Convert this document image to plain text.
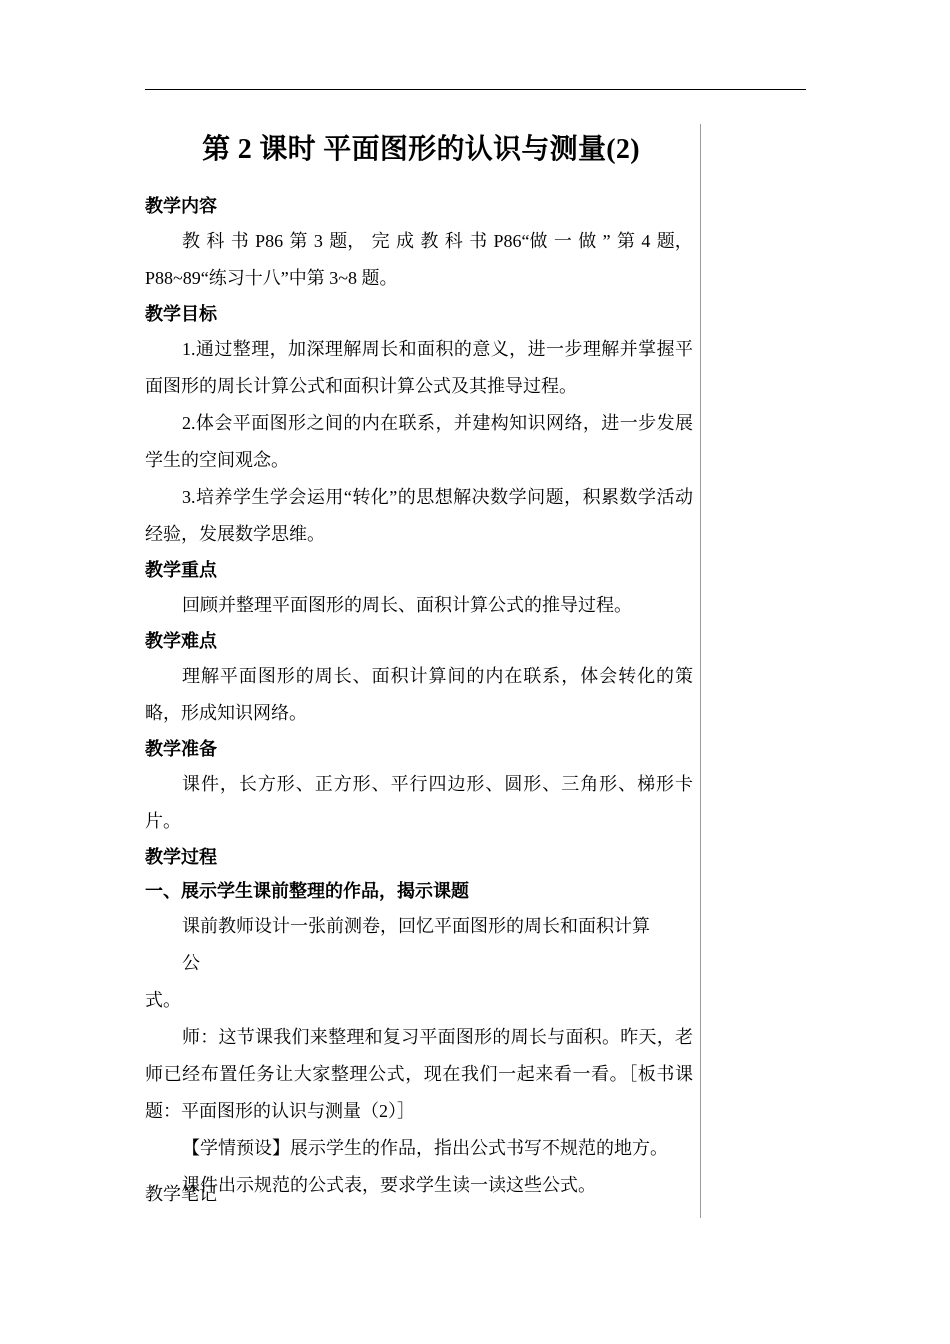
第 2 课时 平面图形的认识与测量(2)
教学内容
教 科 书 P86 第 3 题， 完 成 教 科 书 P86“做 一 做 ” 第 4 题，
P88~89“练习十八”中第 3~8 题。
教学目标

1.通过整理，加深理解周长和面积的意义，进一步理解并掌握平面图形的周长计算公式和面积计算公式及其推导过程。

2.体会平面图形之间的内在联系，并建构知识网络，进一步发展学生的空间观念。

3.培养学生学会运用“转化”的思想解决数学问题，积累数学活动经验，发展数学思维。

教学重点

回顾并整理平面图形的周长、面积计算公式的推导过程。

教学难点

理解平面图形的周长、面积计算间的内在联系，体会转化的策略，形成知识网络。

教学准备

课件，长方形、正方形、平行四边形、圆形、三角形、梯形卡片。

教学过程
一、展示学生课前整理的作品，揭示课题
课前教师设计一张前测卷，回忆平面图形的周长和面积计算
公
式。

师：这节课我们来整理和复习平面图形的周长与面积。昨天，老师已经布置任务让大家整理公式，现在我们一起来看一看。［板书课题：平面图形的认识与测量（2）］

【学情预设】展示学生的作品，指出公式书写不规范的地方。

课件出示规范的公式表，要求学生读一读这些公式。

教学笔记
